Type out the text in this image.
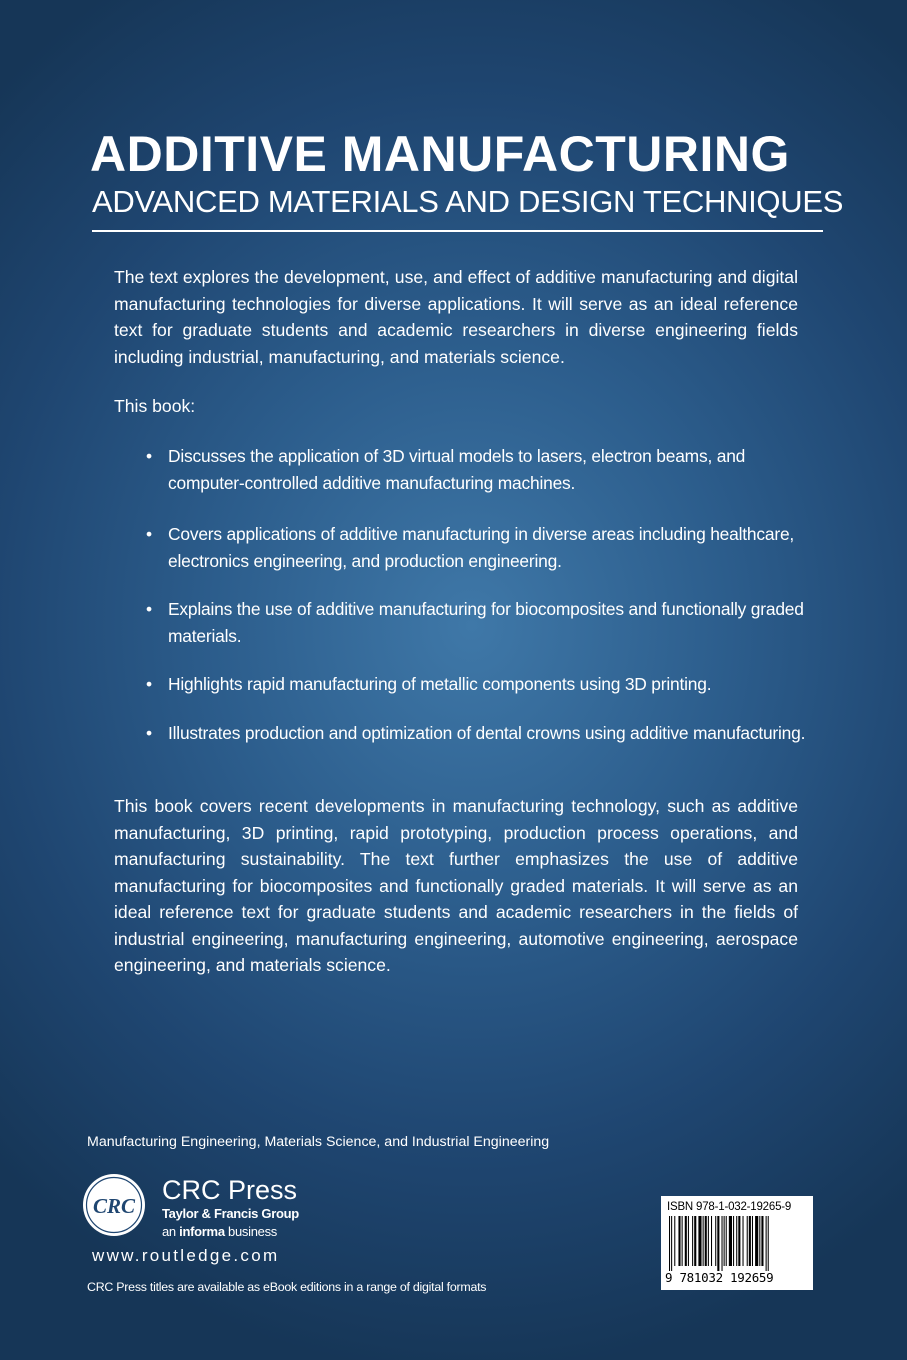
ADDITIVE MANUFACTURING
ADVANCED MATERIALS AND DESIGN TECHNIQUES

The text explores the development, use, and effect of additive manufacturing and digital manufacturing technologies for diverse applications. It will serve as an ideal reference text for graduate students and academic researchers in diverse engineering fields including industrial, manufacturing, and materials science.

This book:

• Discusses the application of 3D virtual models to lasers, electron beams, and computer-controlled additive manufacturing machines.
• Covers applications of additive manufacturing in diverse areas including healthcare, electronics engineering, and production engineering.
• Explains the use of additive manufacturing for biocomposites and functionally graded materials.
• Highlights rapid manufacturing of metallic components using 3D printing.
• Illustrates production and optimization of dental crowns using additive manufacturing.

This book covers recent developments in manufacturing technology, such as additive manufacturing, 3D printing, rapid prototyping, production process operations, and manufacturing sustainability. The text further emphasizes the use of additive manufacturing for biocomposites and functionally graded materials. It will serve as an ideal reference text for graduate students and academic researchers in the fields of industrial engineering, manufacturing engineering, automotive engineering, aerospace engineering, and materials science.

Manufacturing Engineering, Materials Science, and Industrial Engineering
CRC
CRC Press
Taylor & Francis Group
an informa business
www.routledge.com
CRC Press titles are available as eBook editions in a range of digital formats
ISBN 978-1-032-19265-9
9 781032 192659
